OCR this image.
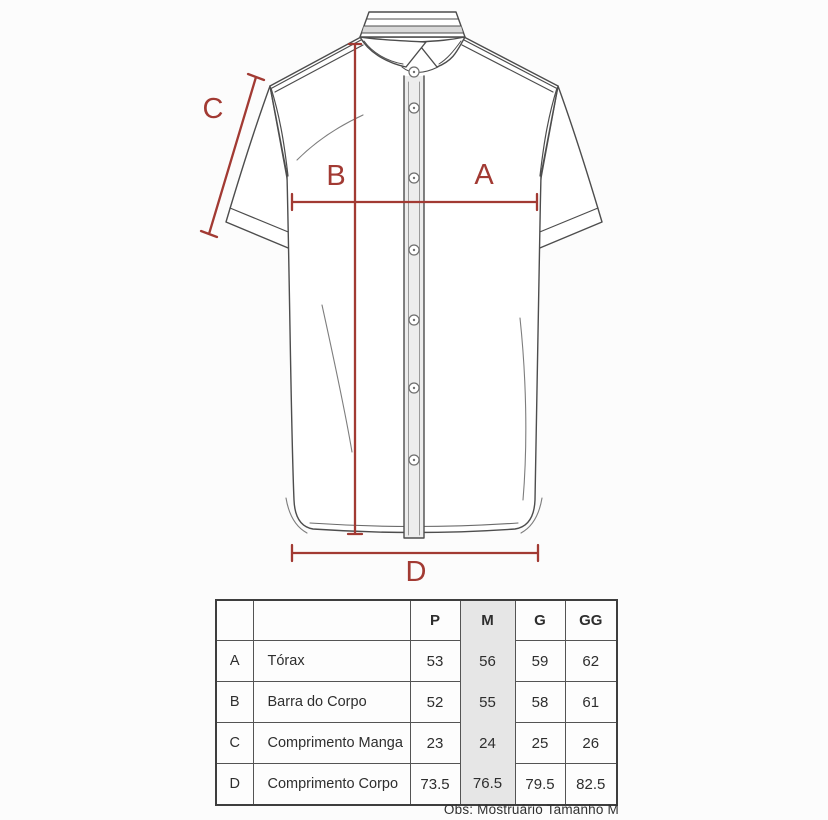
A
B
C
D
		P	M	G	GG
A	Tórax	53	56	59	62
B	Barra do Corpo	52	55	58	61
C	Comprimento Manga	23	24	25	26
D	Comprimento Corpo	73.5	76.5	79.5	82.5
Obs: Mostruário Tamanho M
